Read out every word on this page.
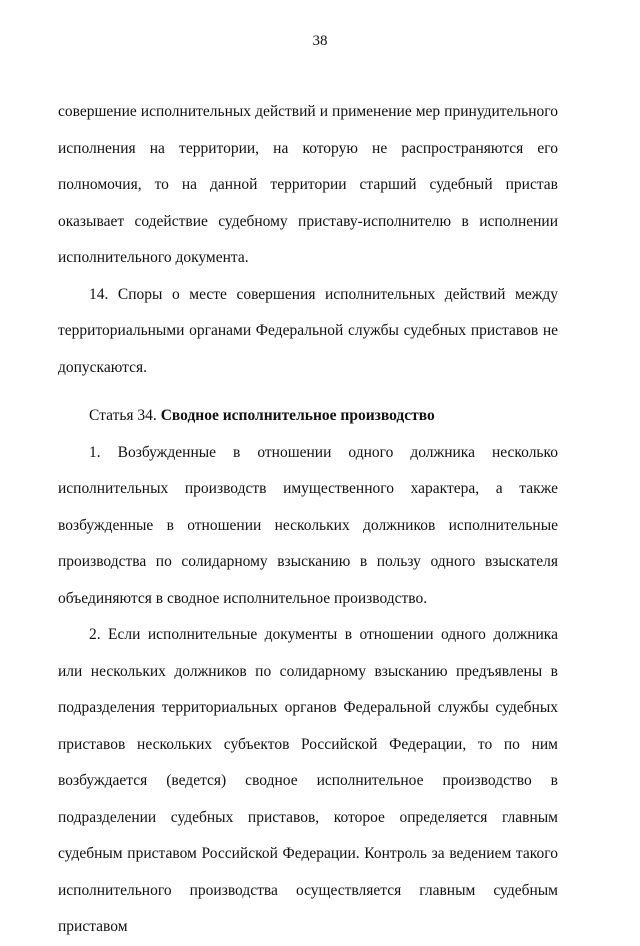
38

совершение исполнительных действий и применение мер принудительного исполнения на территории, на которую не распространяются его полномочия, то на данной территории старший судебный пристав оказывает содействие судебному приставу-исполнителю в исполнении исполнительного документа.

14. Споры о месте совершения исполнительных действий между территориальными органами Федеральной службы судебных приставов не допускаются.

Статья 34. Сводное исполнительное производство

1. Возбужденные в отношении одного должника несколько исполнительных производств имущественного характера, а также возбужденные в отношении нескольких должников исполнительные производства по солидарному взысканию в пользу одного взыскателя объединяются в сводное исполнительное производство.

2. Если исполнительные документы в отношении одного должника или нескольких должников по солидарному взысканию предъявлены в подразделения территориальных органов Федеральной службы судебных приставов нескольких субъектов Российской Федерации, то по ним возбуждается (ведется) сводное исполнительное производство в подразделении судебных приставов, которое определяется главным судебным приставом Российской Федерации. Контроль за ведением такого исполнительного производства осуществляется главным судебным приставом
